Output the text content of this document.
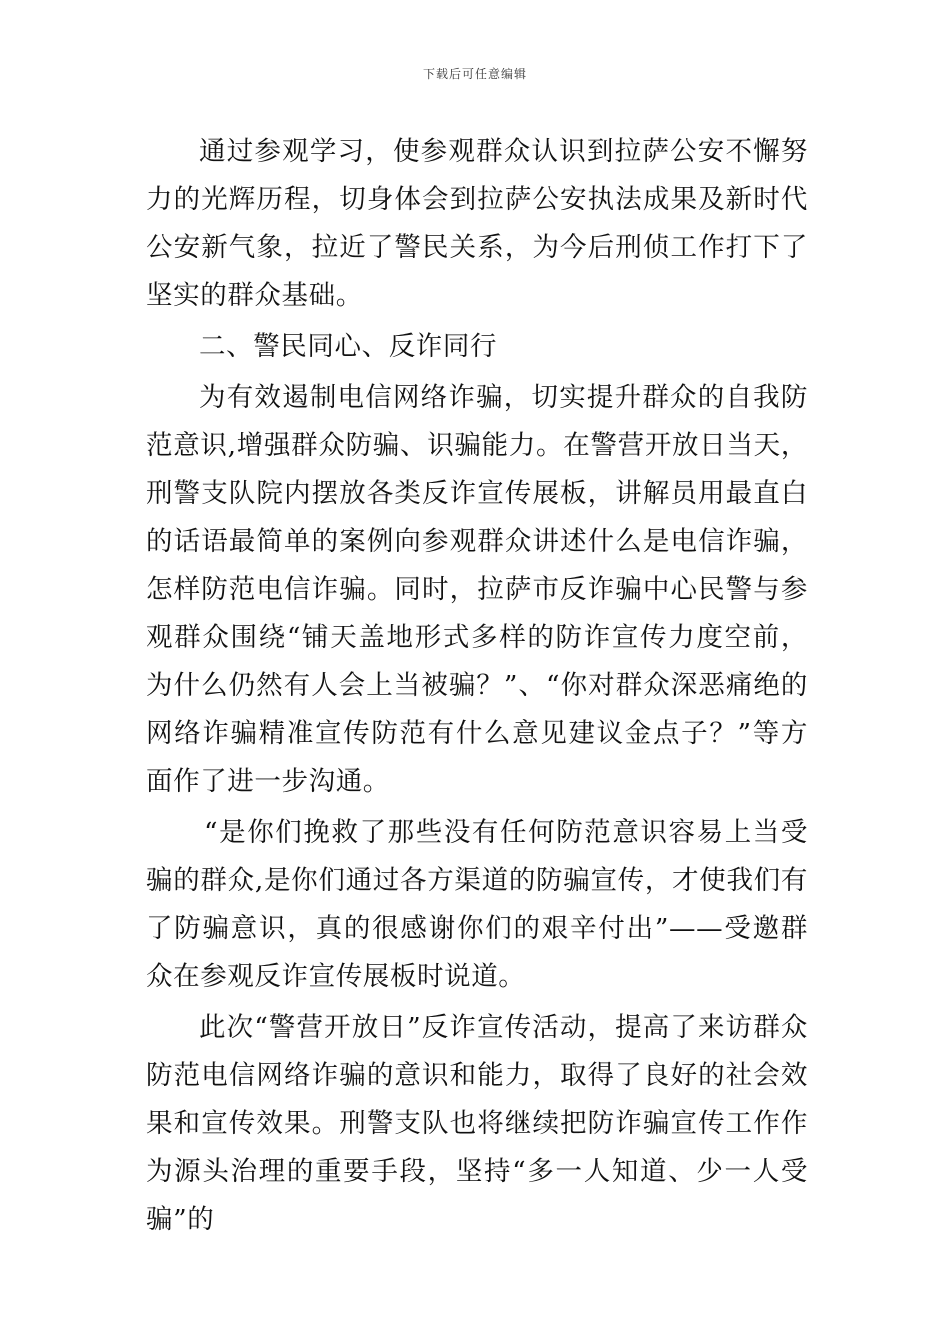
下载后可任意编辑

通过参观学习，使参观群众认识到拉萨公安不懈努力的光辉历程，切身体会到拉萨公安执法成果及新时代公安新气象，拉近了警民关系，为今后刑侦工作打下了坚实的群众基础。

二、警民同心、反诈同行

为有效遏制电信网络诈骗，切实提升群众的自我防范意识,增强群众防骗、识骗能力。在警营开放日当天，刑警支队院内摆放各类反诈宣传展板，讲解员用最直白的话语最简单的案例向参观群众讲述什么是电信诈骗，怎样防范电信诈骗。同时，拉萨市反诈骗中心民警与参观群众围绕“铺天盖地形式多样的防诈宣传力度空前，为什么仍然有人会上当被骗？”、“你对群众深恶痛绝的网络诈骗精准宣传防范有什么意见建议金点子？”等方面作了进一步沟通。

“是你们挽救了那些没有任何防范意识容易上当受骗的群众,是你们通过各方渠道的防骗宣传，才使我们有了防骗意识，真的很感谢你们的艰辛付出”——受邀群众在参观反诈宣传展板时说道。

此次“警营开放日”反诈宣传活动，提高了来访群众防范电信网络诈骗的意识和能力，取得了良好的社会效果和宣传效果。刑警支队也将继续把防诈骗宣传工作作为源头治理的重要手段，坚持“多一人知道、少一人受骗”的
